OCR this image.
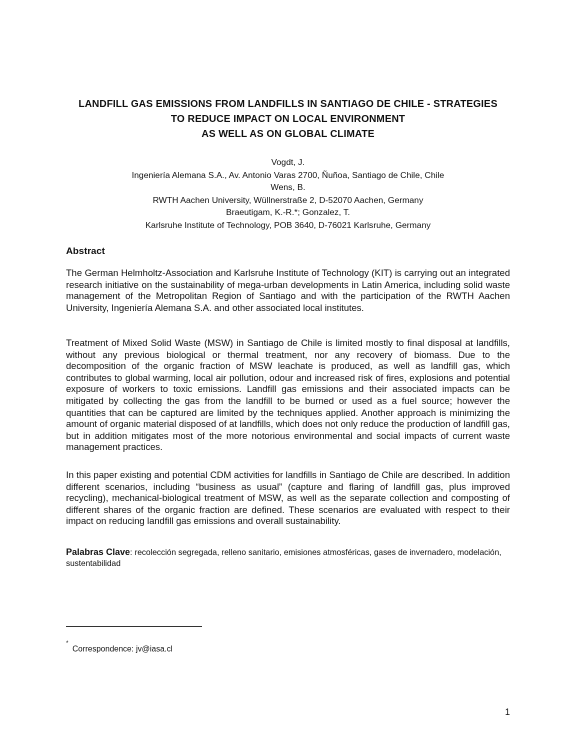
LANDFILL GAS EMISSIONS FROM LANDFILLS IN SANTIAGO DE CHILE - STRATEGIES
TO REDUCE IMPACT ON LOCAL ENVIRONMENT
AS WELL AS ON GLOBAL CLIMATE
Vogdt, J.
Ingeniería Alemana S.A., Av. Antonio Varas 2700, Ñuñoa, Santiago de Chile, Chile
Wens, B.
RWTH Aachen University, Wüllnerstraße 2, D-52070 Aachen, Germany
Braeutigam, K.-R.*; Gonzalez, T.
Karlsruhe Institute of Technology, POB 3640, D-76021 Karlsruhe, Germany
Abstract

The German Helmholtz-Association and Karlsruhe Institute of Technology (KIT) is carrying out an integrated research initiative on the sustainability of mega-urban developments in Latin America, including solid waste management of the Metropolitan Region of Santiago and with the participation of the RWTH Aachen University, Ingeniería Alemana S.A. and other associated local institutes.

Treatment of Mixed Solid Waste (MSW) in Santiago de Chile is limited mostly to final disposal at landfills, without any previous biological or thermal treatment, nor any recovery of biomass. Due to the decomposition of the organic fraction of MSW leachate is produced, as well as landfill gas, which contributes to global warming, local air pollution, odour and increased risk of fires, explosions and potential exposure of workers to toxic emissions. Landfill gas emissions and their associated impacts can be mitigated by collecting the gas from the landfill to be burned or used as a fuel source; however the quantities that can be captured are limited by the techniques applied. Another approach is minimizing the amount of organic material disposed of at landfills, which does not only reduce the production of landfill gas, but in addition mitigates most of the more notorious environmental and social impacts of current waste management practices.

In this paper existing and potential CDM activities for landfills in Santiago de Chile are described. In addition different scenarios, including “business as usual” (capture and flaring of landfill gas, plus improved recycling), mechanical-biological treatment of MSW, as well as the separate collection and composting of different shares of the organic fraction are defined. These scenarios are evaluated with respect to their impact on reducing landfill gas emissions and overall sustainability.

Palabras Clave: recolección segregada, relleno sanitario, emisiones atmosféricas, gases de invernadero, modelación, sustentabilidad
*Correspondence: jv@iasa.cl
1
